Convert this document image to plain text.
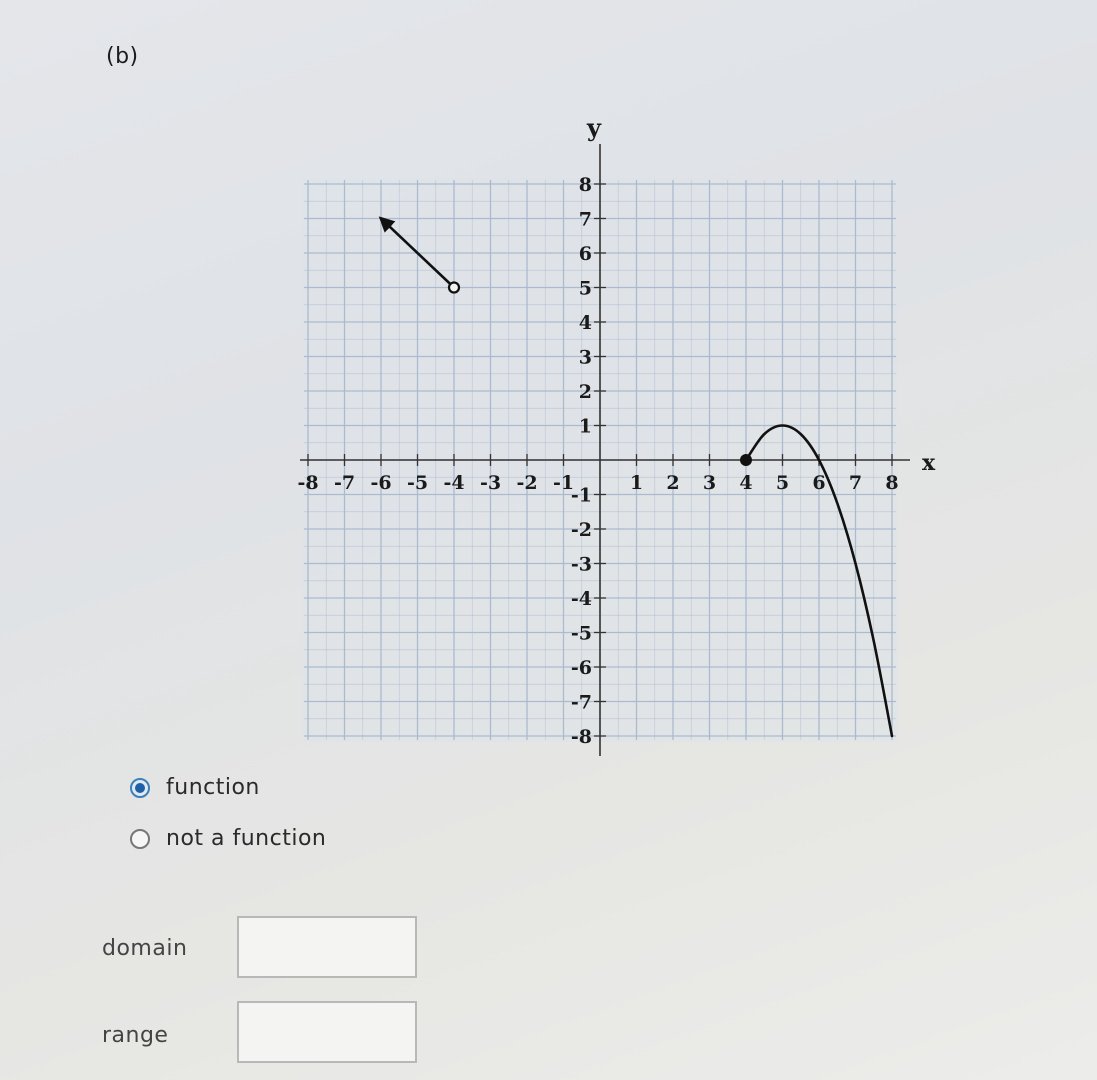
(b)
x
y
-8 -7 -6 -5 -4 -3 -2 -1	1 2 3 4 5 6 7 8
8
7
6
5
4
3
2
1
-1
-2
-3
-4
-5
-6
-7
-8
function
not a function
domain
range
